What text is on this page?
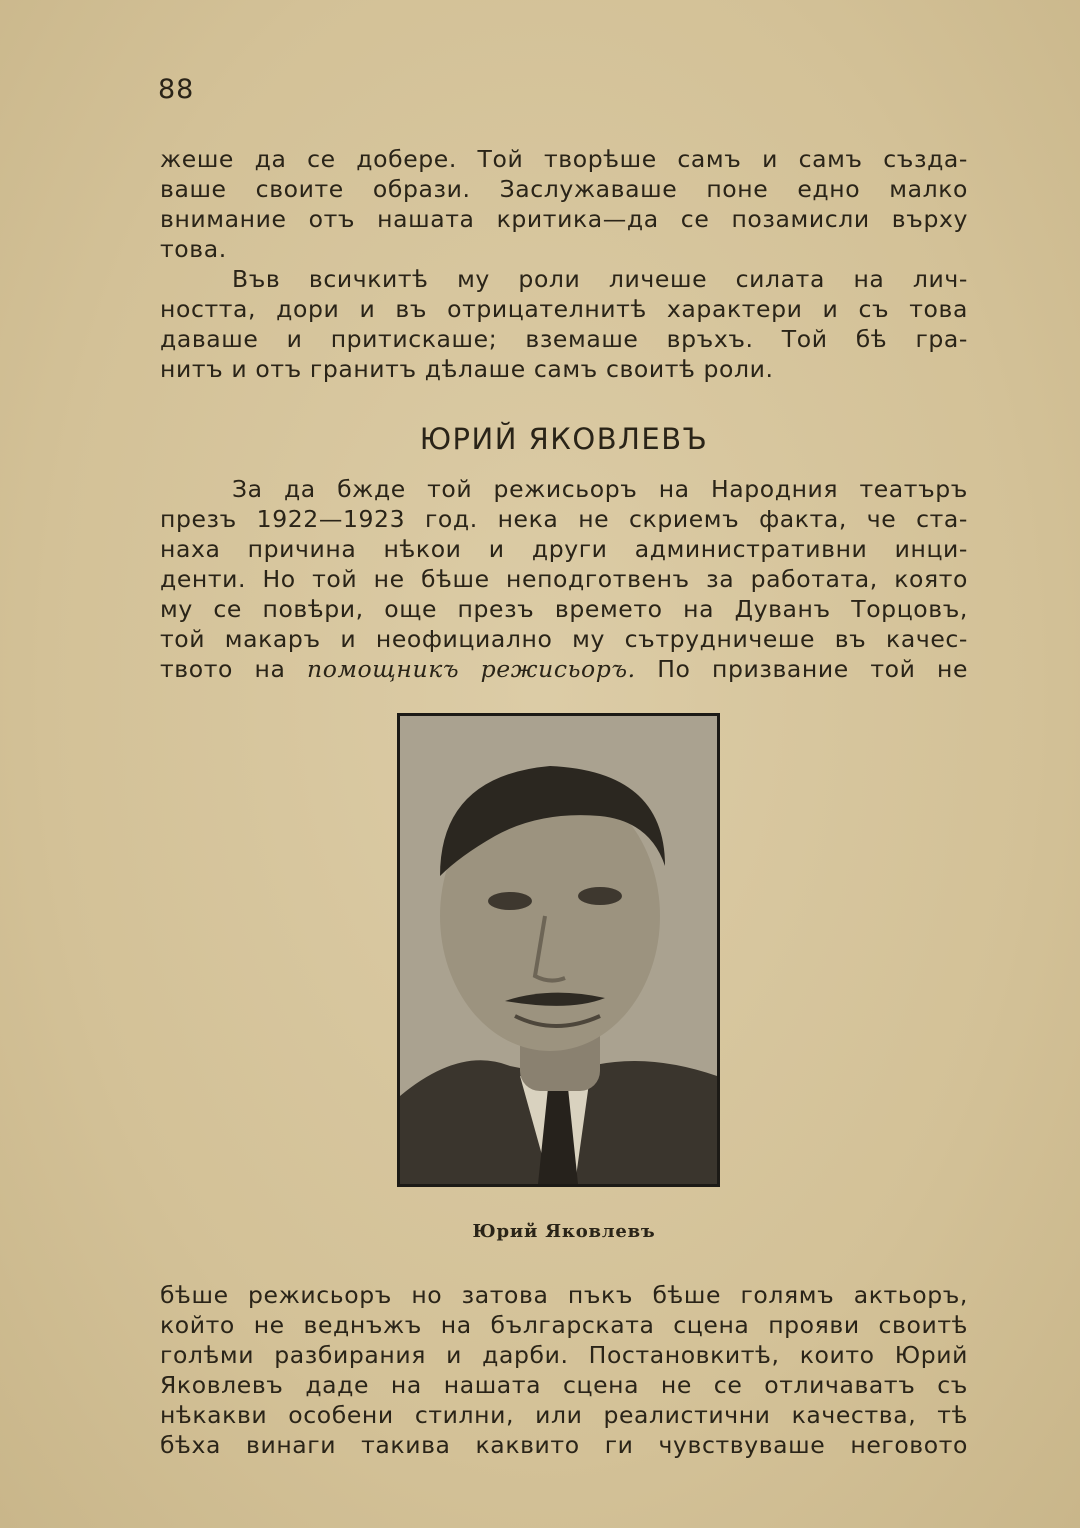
88
жеше да се добере. Той творѣше самъ и самъ създа-
ваше своите образи. Заслужаваше поне едно малко
внимание отъ нашата критика—да се позамисли върху
това.
Във всичкитѣ му роли личеше силата на лич-
ността, дори и въ отрицателнитѣ характери и съ това
даваше и притискаше; вземаше връхъ. Той бѣ гра-
нитъ и отъ гранитъ дѣлаше самъ своитѣ роли.
ЮРИЙ ЯКОВЛЕВЪ
За да бжде той режисьоръ на Народния театъръ
презъ 1922—1923 год. нека не скриемъ факта, че ста-
наха причина нѣкои и други административни инци-
денти. Но той не бѣше неподготвенъ за работата, която
му се повѣри, още презъ времето на Дуванъ Торцовъ,
той макаръ и неофициално му сътрудничеше въ качес-
твото на помощникъ режисьоръ. По призвание той не
Юрий Яковлевъ
бѣше режисьоръ но затова пъкъ бѣше голямъ актьоръ,
който не веднъжъ на българската сцена прояви своитѣ
голѣми разбирания и дарби. Постановкитѣ, които Юрий
Яковлевъ даде на нашата сцена не се отличаватъ съ
нѣкакви особени стилни, или реалистични качества, тѣ
бѣха винаги такива каквито ги чувствуваше неговото
